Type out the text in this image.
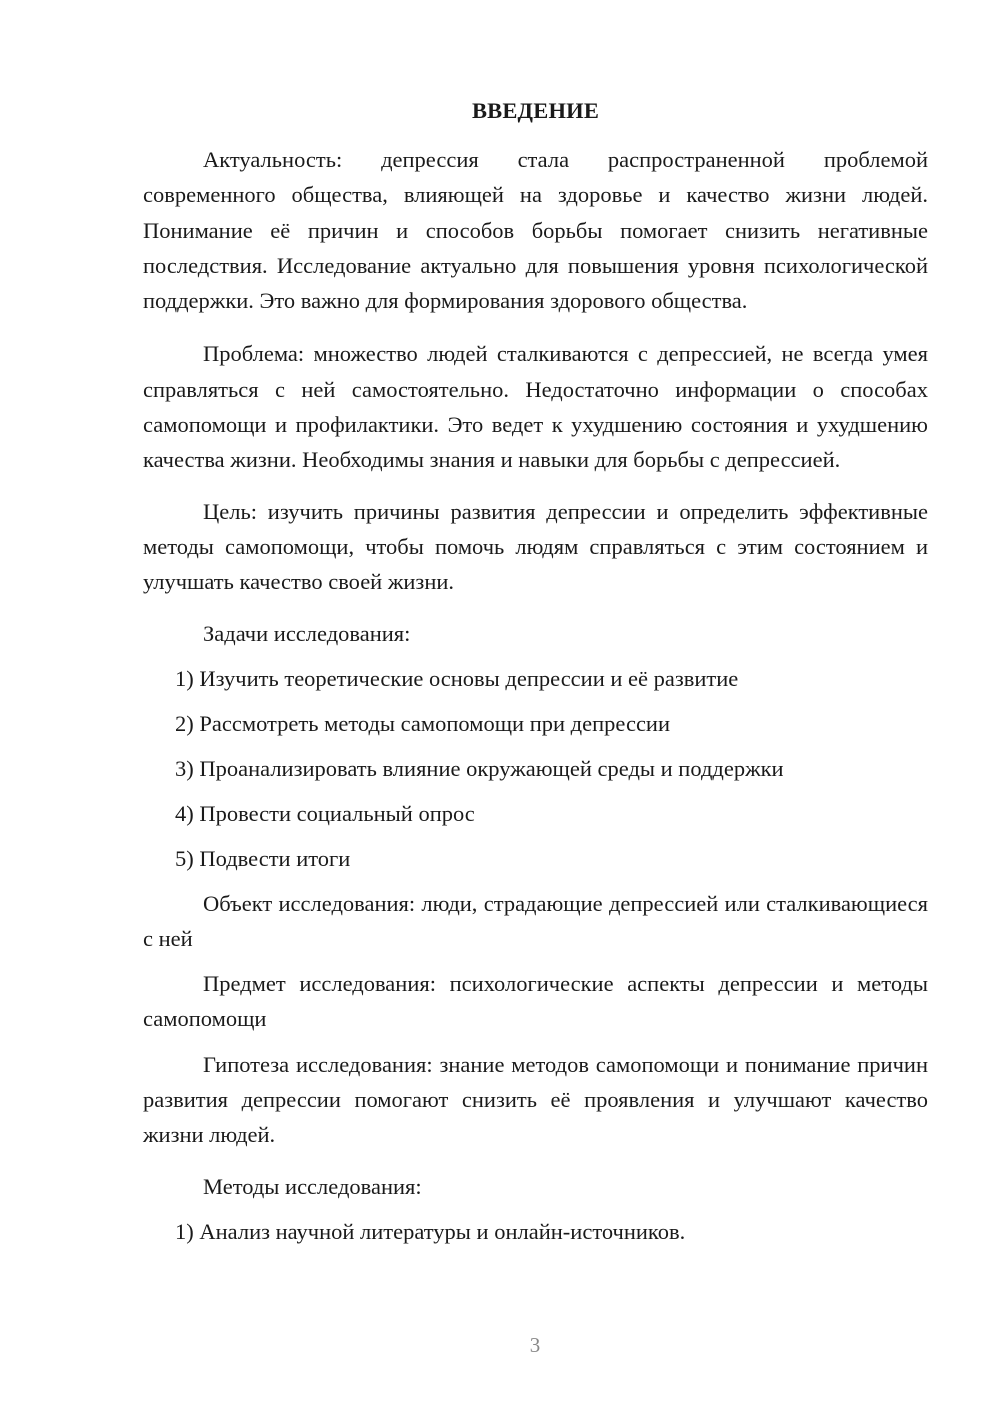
ВВЕДЕНИЕ

Актуальность: депрессия стала распространенной проблемой современного общества, влияющей на здоровье и качество жизни людей. Понимание её причин и способов борьбы помогает снизить негативные последствия. Исследование актуально для повышения уровня психологической поддержки. Это важно для формирования здорового общества.

Проблема: множество людей сталкиваются с депрессией, не всегда умея справляться с ней самостоятельно. Недостаточно информации о способах самопомощи и профилактики. Это ведет к ухудшению состояния и ухудшению качества жизни. Необходимы знания и навыки для борьбы с депрессией.

Цель: изучить причины развития депрессии и определить эффективные методы самопомощи, чтобы помочь людям справляться с этим состоянием и улучшать качество своей жизни.

Задачи исследования:
1) Изучить теоретические основы депрессии и её развитие
2) Рассмотреть методы самопомощи при депрессии
3) Проанализировать влияние окружающей среды и поддержки
4) Провести социальный опрос
5) Подвести итоги

Объект исследования: люди, страдающие депрессией или сталкивающиеся с ней

Предмет исследования: психологические аспекты депрессии и методы самопомощи

Гипотеза исследования: знание методов самопомощи и понимание причин развития депрессии помогают снизить её проявления и улучшают качество жизни людей.

Методы исследования:
1) Анализ научной литературы и онлайн-источников.
3
